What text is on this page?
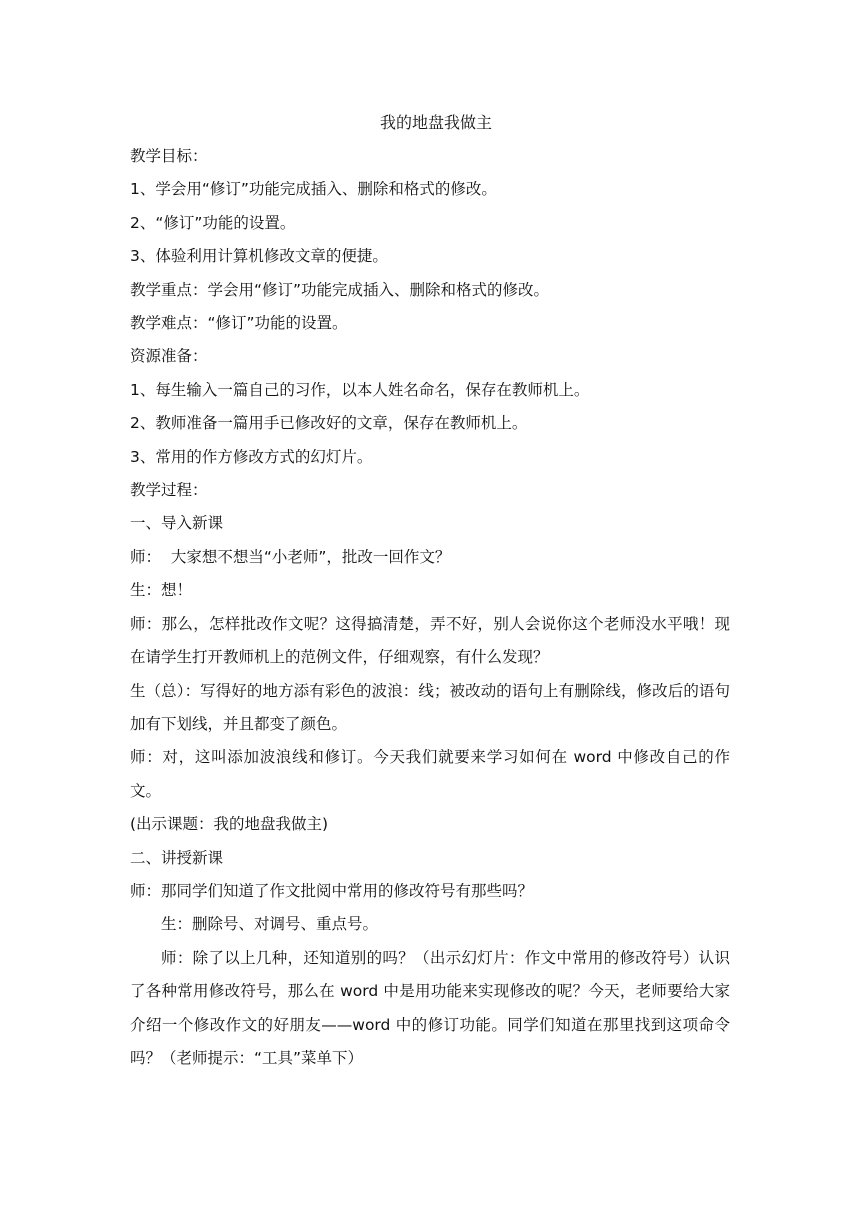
我的地盘我做主

教学目标：

1、学会用“修订”功能完成插入、删除和格式的修改。

2、“修订”功能的设置。

3、体验利用计算机修改文章的便捷。

教学重点：学会用“修订”功能完成插入、删除和格式的修改。

教学难点：“修订”功能的设置。

资源准备：

1、每生输入一篇自己的习作，以本人姓名命名，保存在教师机上。

2、教师准备一篇用手已修改好的文章，保存在教师机上。

3、常用的作方修改方式的幻灯片。

教学过程：

一、导入新课

师：  大家想不想当“小老师”，批改一回作文？

生：想！

师：那么，怎样批改作文呢？这得搞清楚，弄不好，别人会说你这个老师没水平哦！现在请学生打开教师机上的范例文件，仔细观察，有什么发现？

生（总）：写得好的地方添有彩色的波浪：线；被改动的语句上有删除线，修改后的语句加有下划线，并且都变了颜色。

师：对，这叫添加波浪线和修订。今天我们就要来学习如何在 word 中修改自己的作文。

(出示课题：我的地盘我做主)

二、讲授新课

师：那同学们知道了作文批阅中常用的修改符号有那些吗？

生：删除号、对调号、重点号。

师：除了以上几种，还知道别的吗？（出示幻灯片：作文中常用的修改符号）认识了各种常用修改符号，那么在 word 中是用功能来实现修改的呢？今天，老师要给大家介绍一个修改作文的好朋友——word 中的修订功能。同学们知道在那里找到这项命令吗？（老师提示：“工具”菜单下）
